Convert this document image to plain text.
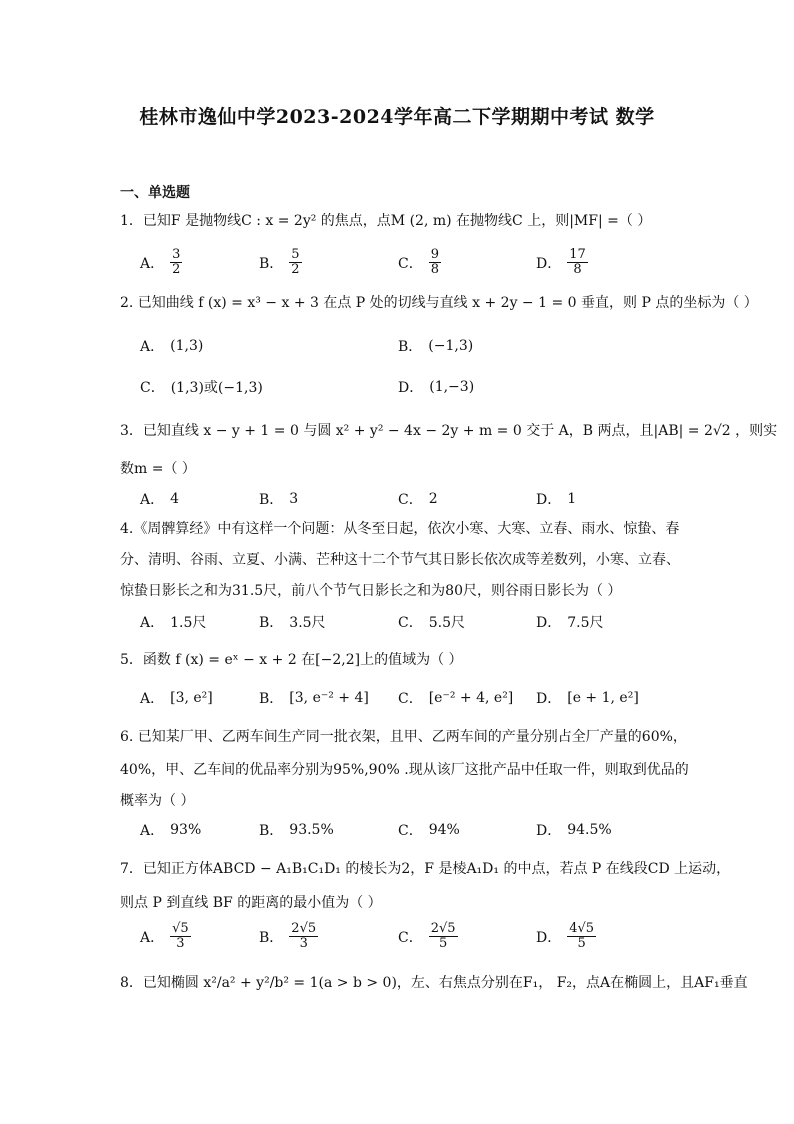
桂林市逸仙中学2023-2024学年高二下学期期中考试 数学
一、单选题
1．已知F 是抛物线C : x = 2y² 的焦点，点M (2, m) 在抛物线C 上，则|MF| =（ ）
A． $\frac{3}{2}$	B． $\frac{5}{2}$	C． $\frac{9}{8}$	D． $\frac{17}{8}$
2. 已知曲线 f (x) = x³ − x + 3 在点 P 处的切线与直线 x + 2y − 1 = 0 垂直，则 P 点的坐标为（ ）
A． (1,3)	B． (−1,3)
C． (1,3)或(−1,3)	D． (1,−3)
3．已知直线 x − y + 1 = 0 与圆 x² + y² − 4x − 2y + m = 0 交于 A，B 两点，且|AB| = 2√2 ，则实
数m =（ ）
A． 4	B． 3	C． 2	D． 1
4.《周髀算经》中有这样一个问题：从冬至日起，依次小寒、大寒、立春、雨水、惊蛰、春
分、清明、谷雨、立夏、小满、芒种这十二个节气其日影长依次成等差数列，小寒、立春、
惊蛰日影长之和为31.5尺，前八个节气日影长之和为80尺，则谷雨日影长为（ ）
A． 1.5尺	B． 3.5尺	C． 5.5尺	D． 7.5尺
5．函数 f (x) = eˣ − x + 2 在[−2,2]上的值域为（ ）
A． [3, e²]	B． [3, e⁻² + 4] C． [e⁻² + 4, e²] D． [e + 1, e²]
6. 已知某厂甲、乙两车间生产同一批衣架，且甲、乙两车间的产量分别占全厂产量的60%，
40%，甲、乙车间的优品率分别为95%,90% .现从该厂这批产品中任取一件，则取到优品的
概率为（ ）
A． 93%	B． 93.5%	C． 94%	D． 94.5%
7．已知正方体ABCD − A₁B₁C₁D₁ 的棱长为2，F 是棱A₁D₁ 的中点，若点 P 在线段CD 上运动，
则点 P 到直线 BF 的距离的最小值为（ ）
A． $\frac{√5}{3}$	B． $\frac{2√5}{3}$	C． $\frac{2√5}{5}$	D． $\frac{4√5}{5}$
8．已知椭圆 x²/a² + y²/b² = 1(a > b > 0)，左、右焦点分别在F₁， F₂，点A在椭圆上，且AF₁垂直
